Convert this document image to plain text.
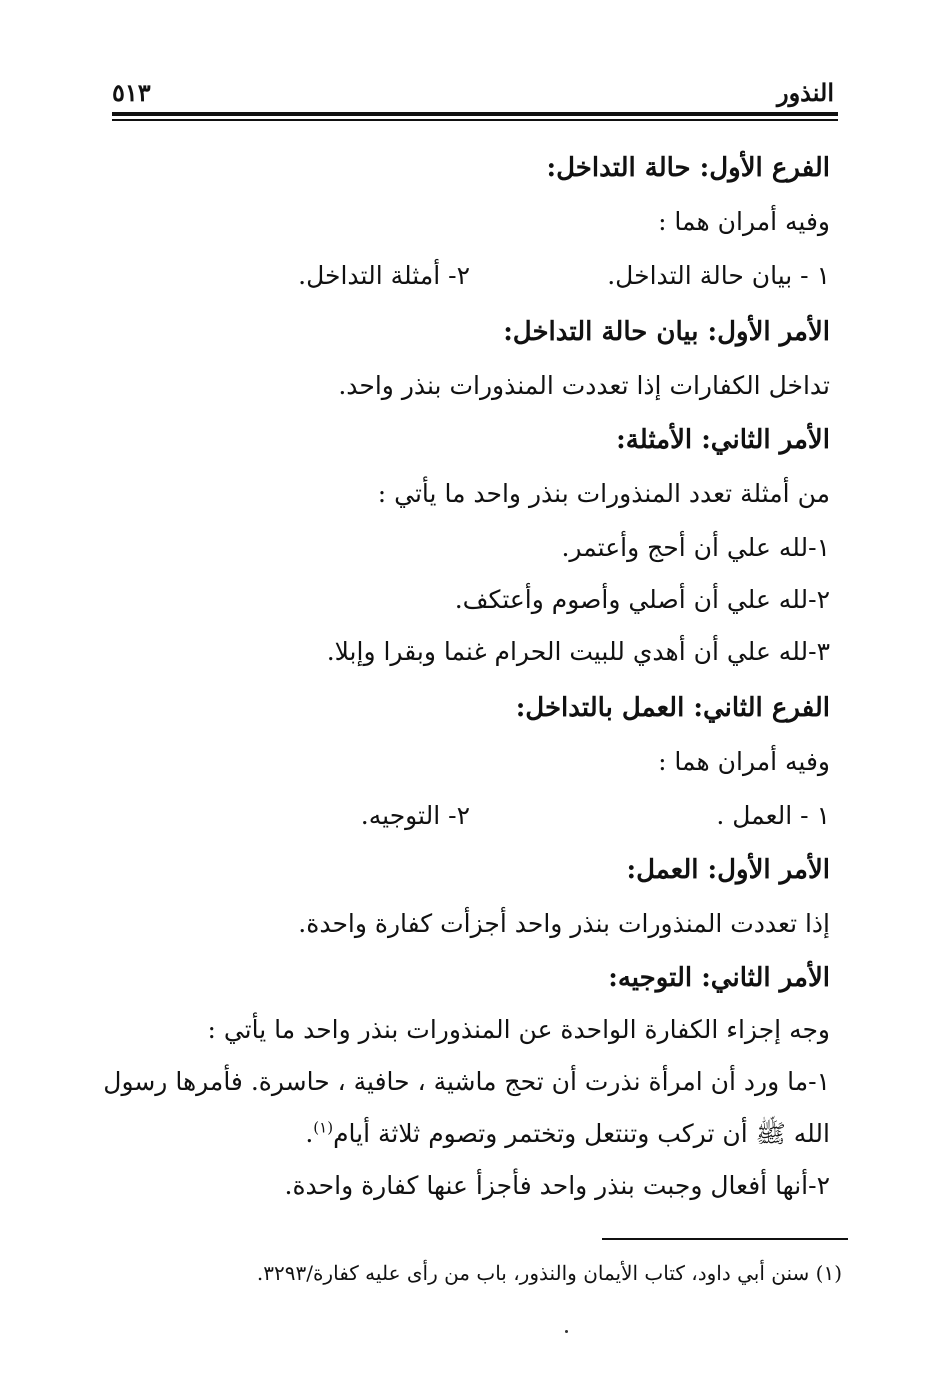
النذور
٥١٣
الفرع الأول: حالة التداخل:
وفيه أمران هما :
١ - بيان حالة التداخل.
٢- أمثلة التداخل.
الأمر الأول: بيان حالة التداخل:
تداخل الكفارات إذا تعددت المنذورات بنذر واحد.
الأمر الثاني: الأمثلة:
من أمثلة تعدد المنذورات بنذر واحد ما يأتي :
١-لله علي أن أحج وأعتمر.
٢-لله علي أن أصلي وأصوم وأعتكف.
٣-لله علي أن أهدي للبيت الحرام غنما وبقرا وإبلا.
الفرع الثاني: العمل بالتداخل:
وفيه أمران هما :
١ - العمل .
٢- التوجيه.
الأمر الأول: العمل:
إذا تعددت المنذورات بنذر واحد أجزأت كفارة واحدة.
الأمر الثاني: التوجيه:
وجه إجزاء الكفارة الواحدة عن المنذورات بنذر واحد ما يأتي :
١-ما ورد أن امرأة نذرت أن تحج ماشية ، حافية ، حاسرة. فأمرها رسول
الله ﷺ أن تركب وتنتعل وتختمر وتصوم ثلاثة أيام$^{(١)}$.
٢-أنها أفعال وجبت بنذر واحد فأجزأ عنها كفارة واحدة.
(١) سنن أبي داود، كتاب الأيمان والنذور، باب من رأى عليه كفارة/٣٢٩٣.
